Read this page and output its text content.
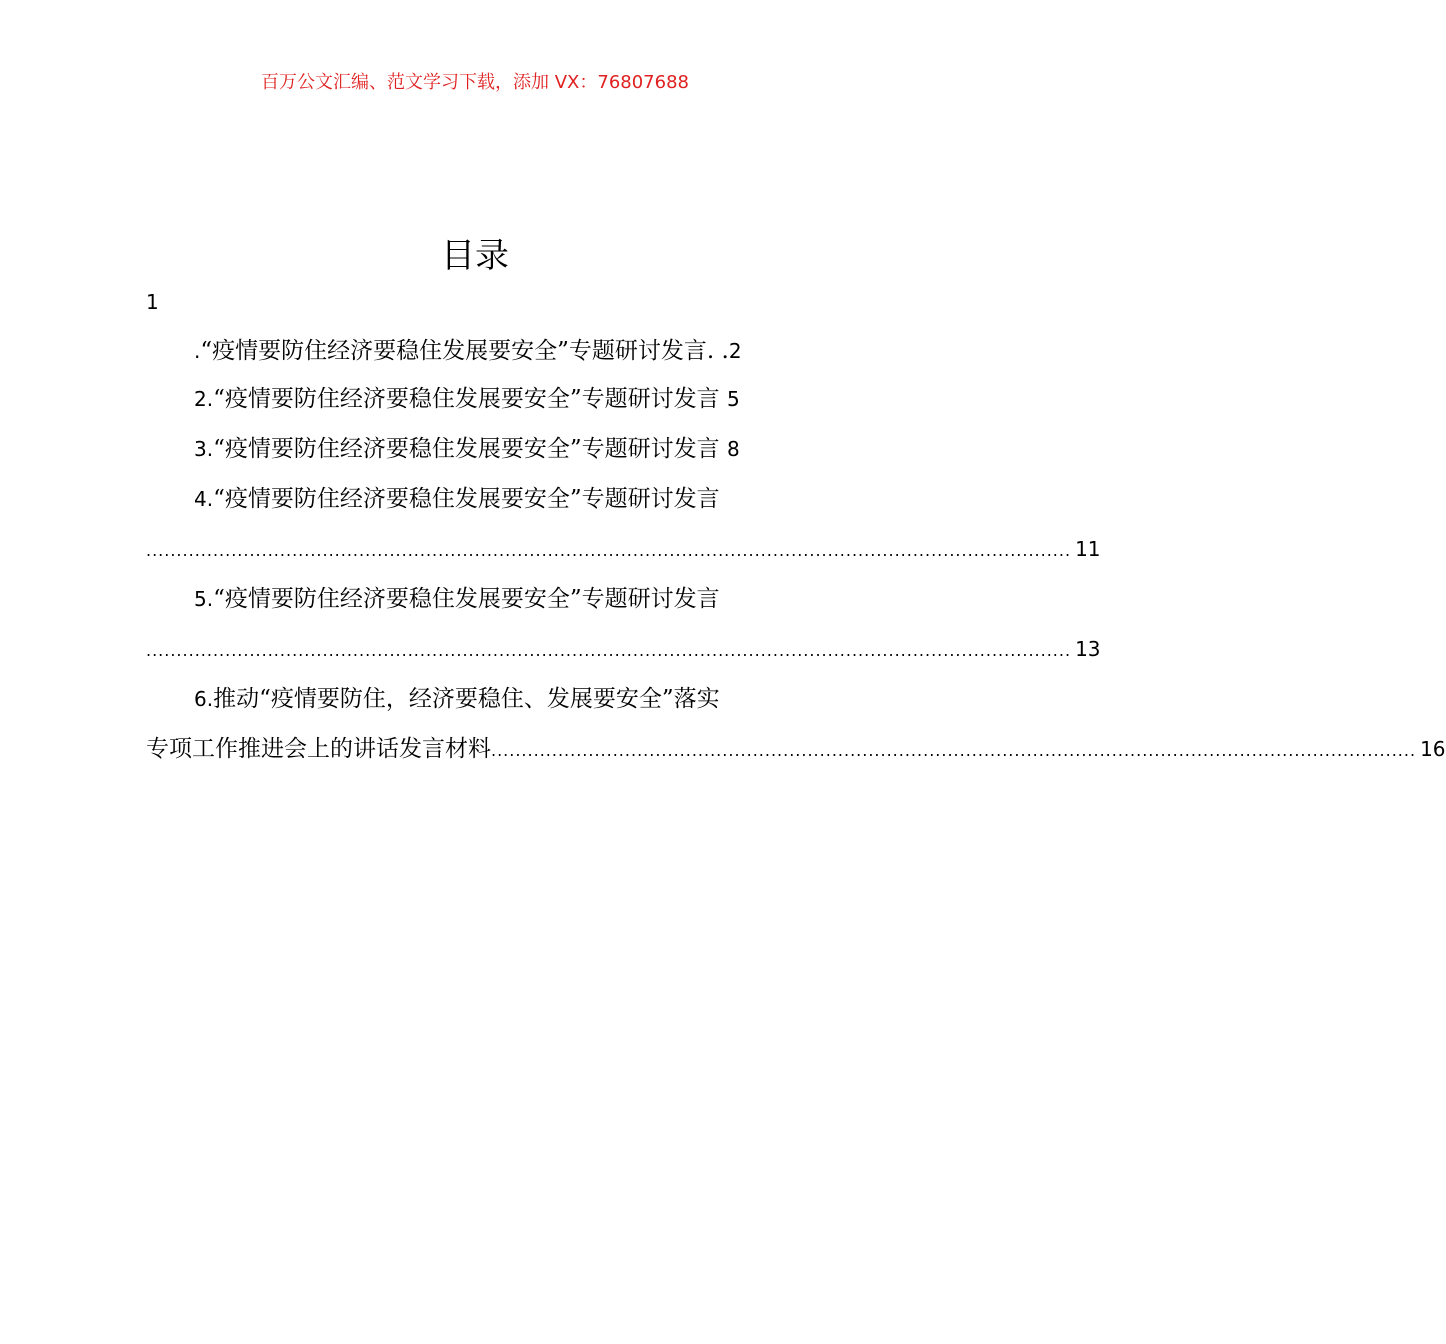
百万公文汇编、范文学习下载，添加 VX：76807688
目录
1
.“疫情要防住经济要稳住发展要安全”专题研讨发言. .2
2.“疫情要防住经济要稳住发展要安全”专题研讨发言 5
3.“疫情要防住经济要稳住发展要安全”专题研讨发言 8
4.“疫情要防住经济要稳住发展要安全”专题研讨发言
........................................................................................................................................................ 11
5.“疫情要防住经济要稳住发展要安全”专题研讨发言
........................................................................................................................................................ 13
6.推动“疫情要防住，经济要稳住、发展要安全”落实
专项工作推进会上的讲话发言材料 ........................................................................................................................................................ 16
